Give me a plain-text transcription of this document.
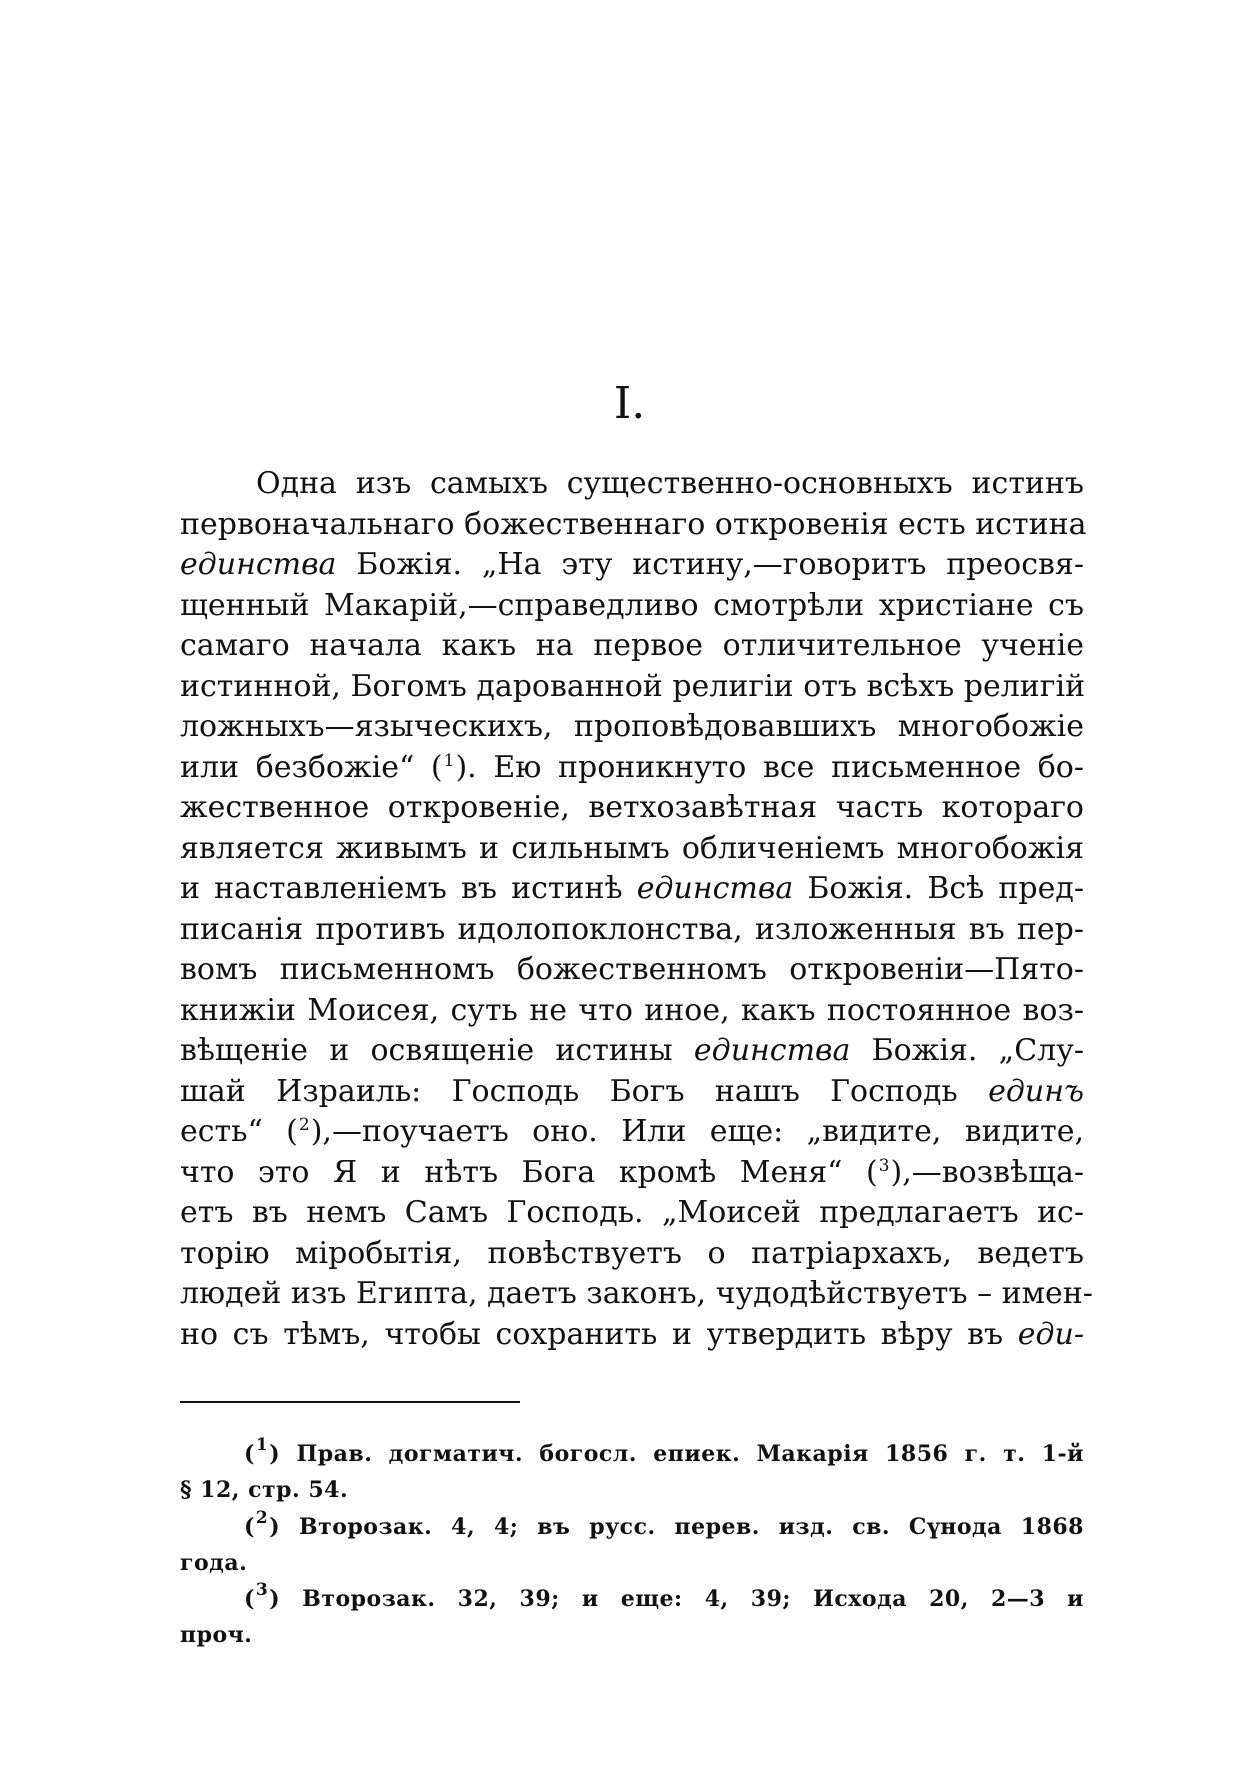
I.
Одна изъ самыхъ существенно-основныхъ истинъ
первоначальнаго божественнаго откровенія есть истина
единства Божія. „На эту истину,—говоритъ преосвя-
щенный Макарій,—справедливо смотрѣли христіане съ
самаго начала какъ на первое отличительное ученіе
истинной, Богомъ дарованной религіи отъ всѣхъ религій
ложныхъ—языческихъ, проповѣдовавшихъ многобожіе
или безбожіе“ ($^1$). Ею проникнуто все письменное бо-
жественное откровеніе, ветхозавѣтная часть котораго
является живымъ и сильнымъ обличеніемъ многобожія
и наставленіемъ въ истинѣ единства Божія. Всѣ пред-
писанія противъ идолопоклонства, изложенныя въ пер-
вомъ письменномъ божественномъ откровеніи—Пято-
книжіи Моисея, суть не что иное, какъ постоянное воз-
вѣщеніе и освященіе истины единства Божія. „Слу-
шай Израиль: Господь Богъ нашъ Господь единъ
есть“ ($^2$),—поучаетъ оно. Или еще: „видите, видите,
что это Я и нѣтъ Бога кромѣ Меня“ ($^3$),—возвѣща-
етъ въ немъ Самъ Господь. „Моисей предлагаетъ ис-
торію міробытія, повѣствуетъ о патріархахъ, ведетъ
людей изъ Египта, даетъ законъ, чудодѣйствуетъ – имен-
но съ тѣмъ, чтобы сохранить и утвердить вѣру въ еди-
($^1$) Прав. догматич. богосл. епиек. Макарія 1856 г. т. 1-й
§ 12, стр. 54.
($^2$) Второзак. 4, 4; въ русс. перев. изд. св. Сүнода 1868
года.
($^3$) Второзак. 32, 39; и еще: 4, 39; Исхода 20, 2—3 и
проч.
